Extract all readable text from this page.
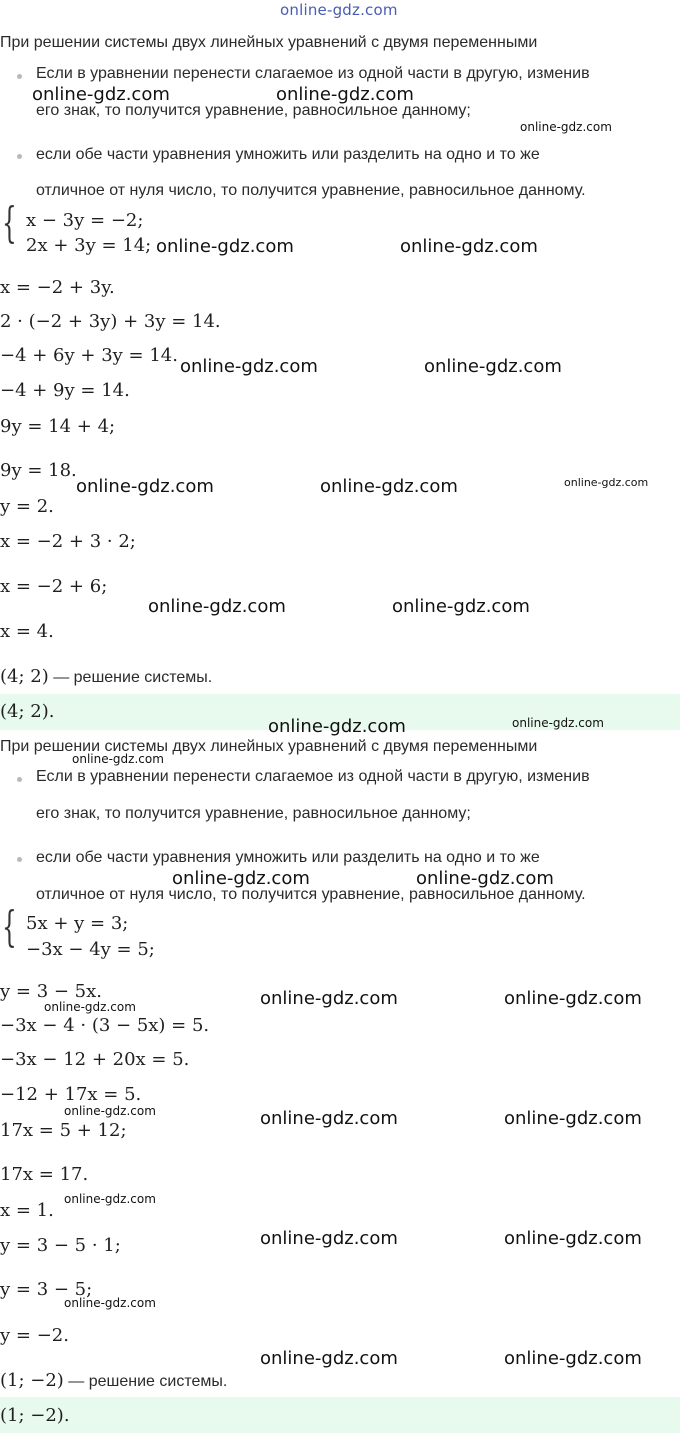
online-gdz.com
При решении системы двух линейных уравнений с двумя переменными
Если в уравнении перенести слагаемое из одной части в другую, изменив
его знак, то получится уравнение, равносильное данному;
если обе части уравнения умножить или разделить на одно и то же
отличное от нуля число, то получится уравнение, равносильное данному.
{ x − 3y = −2;
2x + 3y = 14;
x = −2 + 3y.
2 · (−2 + 3y) + 3y = 14.
−4 + 6y + 3y = 14.
−4 + 9y = 14.
9y = 14 + 4;
9y = 18.
y = 2.
x = −2 + 3 · 2;
x = −2 + 6;
x = 4.
(4; 2) — решение системы.
(4; 2).
При решении системы двух линейных уравнений с двумя переменными
Если в уравнении перенести слагаемое из одной части в другую, изменив
его знак, то получится уравнение, равносильное данному;
если обе части уравнения умножить или разделить на одно и то же
отличное от нуля число, то получится уравнение, равносильное данному.
{ 5x + y = 3;
−3x − 4y = 5;
y = 3 − 5x.
−3x − 4 · (3 − 5x) = 5.
−3x − 12 + 20x = 5.
−12 + 17x = 5.
17x = 5 + 12;
17x = 17.
x = 1.
y = 3 − 5 · 1;
y = 3 − 5;
y = −2.
(1; −2) — решение системы.
(1; −2).
online-gdz.com	online-gdz.com
online-gdz.com
online-gdz.com	online-gdz.com
online-gdz.com	online-gdz.com
online-gdz.com	online-gdz.com	online-gdz.com
online-gdz.com	online-gdz.com
online-gdz.com	online-gdz.com
online-gdz.com
online-gdz.com	online-gdz.com
online-gdz.com	online-gdz.com
online-gdz.com
online-gdz.com	online-gdz.com	online-gdz.com
online-gdz.com
online-gdz.com	online-gdz.com
online-gdz.com
online-gdz.com	online-gdz.com
